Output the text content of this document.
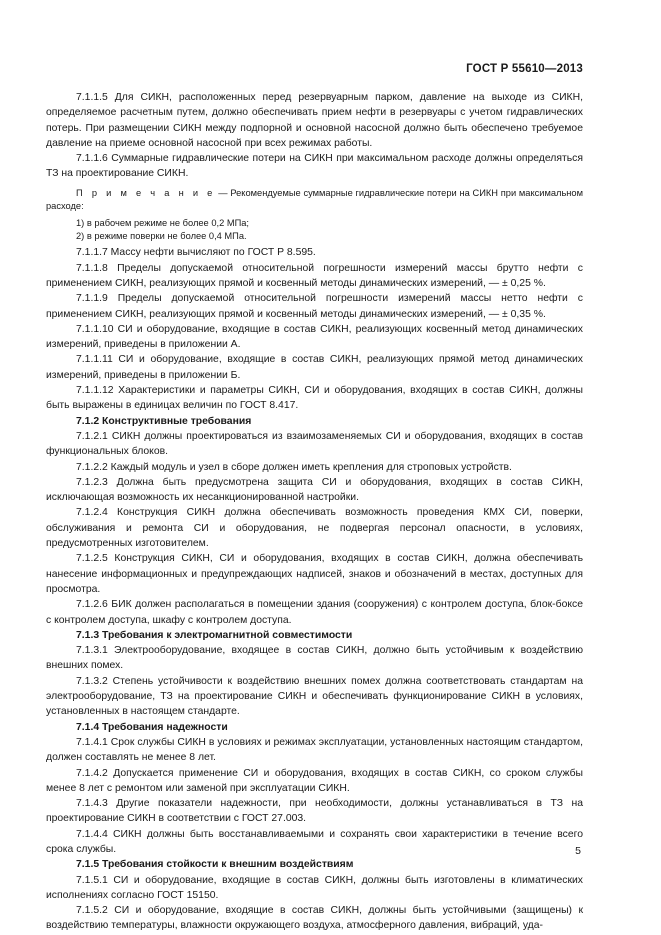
ГОСТ Р 55610—2013

7.1.1.5 Для СИКН, расположенных перед резервуарным парком, давление на выходе из СИКН, определяемое расчетным путем, должно обеспечивать прием нефти в резервуары с учетом гидравлических потерь. При размещении СИКН между подпорной и основной насосной должно быть обеспечено требуемое давление на приеме основной насосной при всех режимах работы.

7.1.1.6 Суммарные гидравлические потери на СИКН при максимальном расходе должны определяться ТЗ на проектирование СИКН.

П р и м е ч а н и е — Рекомендуемые суммарные гидравлические потери на СИКН при максимальном расходе:

1) в рабочем режиме не более 0,2 МПа;

2) в режиме поверки не более 0,4 МПа.

7.1.1.7 Массу нефти вычисляют по ГОСТ Р 8.595.

7.1.1.8 Пределы допускаемой относительной погрешности измерений массы брутто нефти с применением СИКН, реализующих прямой и косвенный методы динамических измерений, — ± 0,25 %.

7.1.1.9 Пределы допускаемой относительной погрешности измерений массы нетто нефти с применением СИКН, реализующих прямой и косвенный методы динамических измерений, — ± 0,35 %.

7.1.1.10 СИ и оборудование, входящие в состав СИКН, реализующих косвенный метод динамических измерений, приведены в приложении А.

7.1.1.11 СИ и оборудование, входящие в состав СИКН, реализующих прямой метод динамических измерений, приведены в приложении Б.

7.1.1.12 Характеристики и параметры СИКН, СИ и оборудования, входящих в состав СИКН, должны быть выражены в единицах величин по ГОСТ 8.417.

7.1.2 Конструктивные требования

7.1.2.1 СИКН должны проектироваться из взаимозаменяемых СИ и оборудования, входящих в состав функциональных блоков.

7.1.2.2 Каждый модуль и узел в сборе должен иметь крепления для строповых устройств.

7.1.2.3 Должна быть предусмотрена защита СИ и оборудования, входящих в состав СИКН, исключающая возможность их несанкционированной настройки.

7.1.2.4 Конструкция СИКН должна обеспечивать возможность проведения КМХ СИ, поверки, обслуживания и ремонта СИ и оборудования, не подвергая персонал опасности, в условиях, предусмотренных изготовителем.

7.1.2.5 Конструкция СИКН, СИ и оборудования, входящих в состав СИКН, должна обеспечивать нанесение информационных и предупреждающих надписей, знаков и обозначений в местах, доступных для просмотра.

7.1.2.6 БИК должен располагаться в помещении здания (сооружения) с контролем доступа, блок-боксе с контролем доступа, шкафу с контролем доступа.

7.1.3 Требования к электромагнитной совместимости

7.1.3.1 Электрооборудование, входящее в состав СИКН, должно быть устойчивым к воздействию внешних помех.

7.1.3.2 Степень устойчивости к воздействию внешних помех должна соответствовать стандартам на электрооборудование, ТЗ на проектирование СИКН и обеспечивать функционирование СИКН в условиях, установленных в настоящем стандарте.

7.1.4 Требования надежности

7.1.4.1 Срок службы СИКН в условиях и режимах эксплуатации, установленных настоящим стандартом, должен составлять не менее 8 лет.

7.1.4.2 Допускается применение СИ и оборудования, входящих в состав СИКН, со сроком службы менее 8 лет с ремонтом или заменой при эксплуатации СИКН.

7.1.4.3 Другие показатели надежности, при необходимости, должны устанавливаться в ТЗ на проектирование СИКН в соответствии с ГОСТ 27.003.

7.1.4.4 СИКН должны быть восстанавливаемыми и сохранять свои характеристики в течение всего срока службы.

7.1.5 Требования стойкости к внешним воздействиям

7.1.5.1 СИ и оборудование, входящие в состав СИКН, должны быть изготовлены в климатических исполнениях согласно ГОСТ 15150.

7.1.5.2 СИ и оборудование, входящие в состав СИКН, должны быть устойчивыми (защищены) к воздействию температуры, влажности окружающего воздуха, атмосферного давления, вибраций, уда-

5
